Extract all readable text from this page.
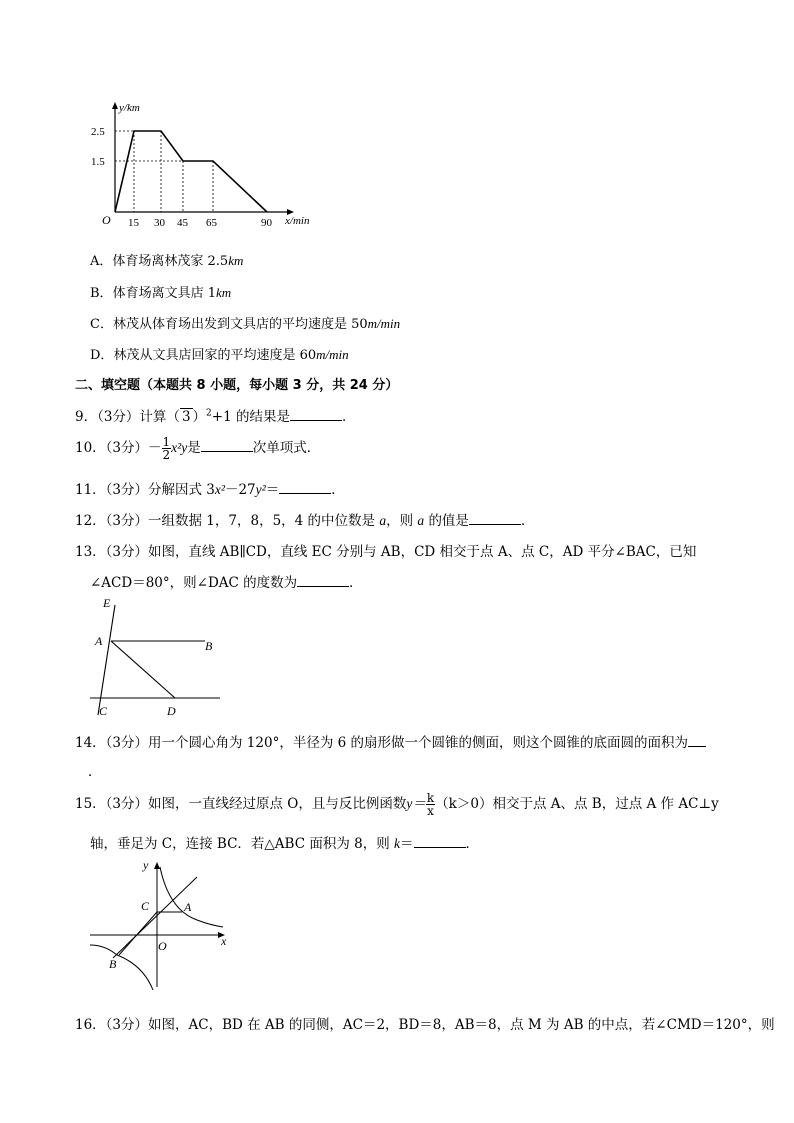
y/km
2.5
1.5
O 15 30 45 65	90 x/min
A．体育场离林茂家 2.5km
B．体育场离文具店 1km
C．林茂从体育场出发到文具店的平均速度是 50m/min
D．林茂从文具店回家的平均速度是 60m/min
二、填空题（本题共 8 小题，每小题 3 分，共 24 分）
9．（3分）计算（ 3 ）$^2$+1 的结果是	．
10．（3分）－ $\frac{1}{2} x^2y$是	次单项式．
11．（3分）分解因式 3x²－27y²＝	．
12．（3分）一组数据 1，7，8，5，4 的中位数是 a，则 a 的值是	．
13．（3分）如图，直线 AB∥CD，直线 EC 分别与 AB，CD 相交于点 A、点 C，AD 平分∠BAC，已知
∠ACD＝80°，则∠DAC 的度数为	．
E
A	B
C	D
14．（3分）用一个圆心角为 120°，半径为 6 的扇形做一个圆锥的侧面，则这个圆锥的底面圆的面积为
．
15．（3分）如图，一直线经过原点 O，且与反比例函数$y= \frac{k}{x} (k>0)$相交于点 A、点 B，过点 A 作 AC⊥y
轴，垂足为 C，连接 BC．若△ABC 面积为 8，则 k＝	．
y
x
O
A
B
C
16．（3分）如图，AC，BD 在 AB 的同侧，AC＝2，BD＝8，AB＝8，点 M 为 AB 的中点，若∠CMD＝120°，则
